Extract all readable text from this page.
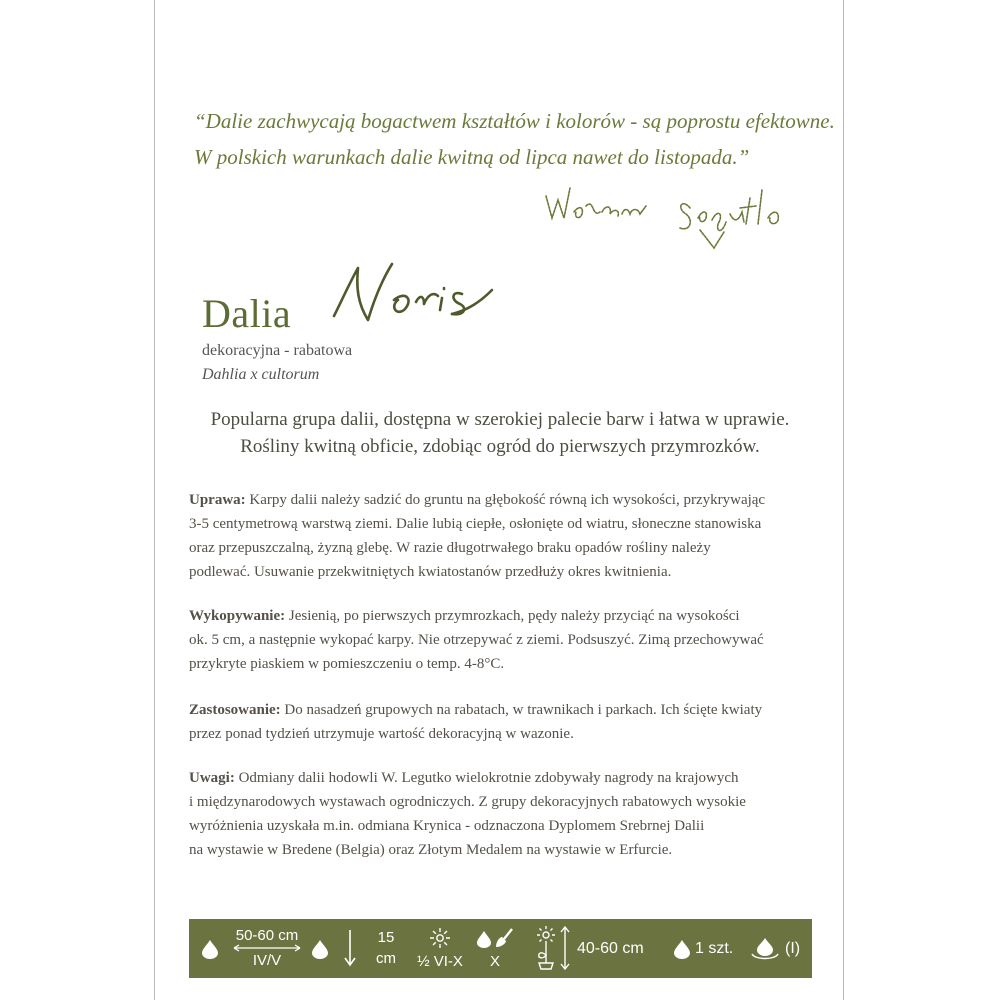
“Dalie zachwycają bogactwem kształtów i kolorów - są poprostu efektowne.
W polskich warunkach dalie kwitną od lipca nawet do listopada.”
Dalia
dekoracyjna - rabatowa
Dahlia x cultorum
Popularna grupa dalii, dostępna w szerokiej palecie barw i łatwa w uprawie.
Rośliny kwitną obficie, zdobiąc ogród do pierwszych przymrozków.
Uprawa: Karpy dalii należy sadzić do gruntu na głębokość równą ich wysokości, przykrywając
3-5 centymetrową warstwą ziemi. Dalie lubią ciepłe, osłonięte od wiatru, słoneczne stanowiska
oraz przepuszczalną, żyzną glebę. W razie długotrwałego braku opadów rośliny należy
podlewać. Usuwanie przekwitniętych kwiatostanów przedłuży okres kwitnienia.
Wykopywanie: Jesienią, po pierwszych przymrozkach, pędy należy przyciąć na wysokości
ok. 5 cm, a następnie wykopać karpy. Nie otrzepywać z ziemi. Podsuszyć. Zimą przechowywać
przykryte piaskiem w pomieszczeniu o temp. 4-8°C.
Zastosowanie: Do nasadzeń grupowych na rabatach, w trawnikach i parkach. Ich ścięte kwiaty
przez ponad tydzień utrzymuje wartość dekoracyjną w wazonie.
Uwagi: Odmiany dalii hodowli W. Legutko wielokrotnie zdobywały nagrody na krajowych
i międzynarodowych wystawach ogrodniczych. Z grupy dekoracyjnych rabatowych wysokie
wyróżnienia uzyskała m.in. odmiana Krynica - odznaczona Dyplomem Srebrnej Dalii
na wystawie w Bredene (Belgia) oraz Złotym Medalem na wystawie w Erfurcie.
50-60 cm
IV/V
15
cm ½ VI-X X
40-60 cm	1 szt.	(I)
